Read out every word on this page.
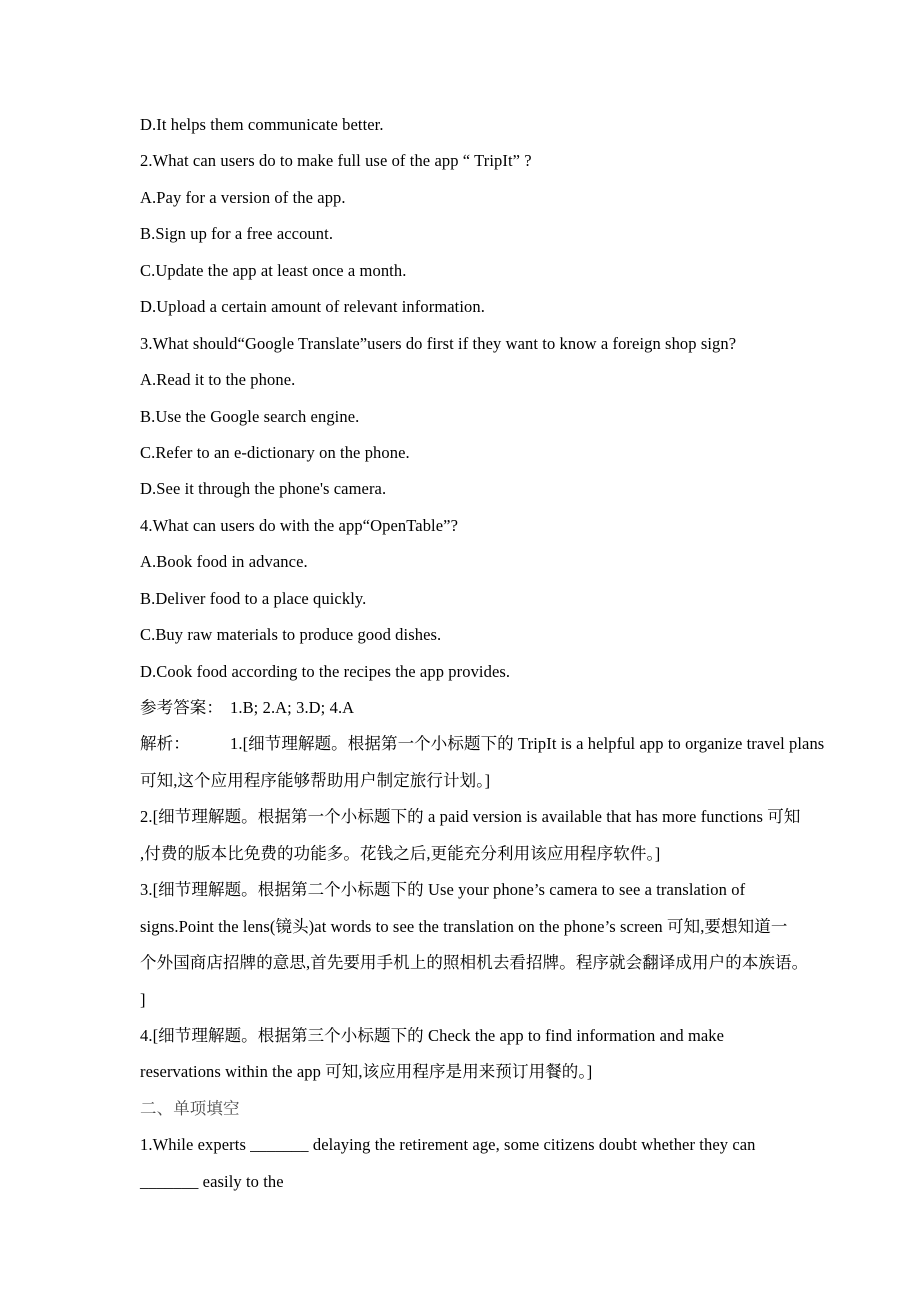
D.It helps them communicate better.

2.What can users do to make full use of the app “ TripIt” ?

A.Pay for a version of the app.

B.Sign up for a free account.

C.Update the app at least once a month.

D.Upload a certain amount of relevant information.

3.What should“Google Translate”users do first if they want to know a foreign shop sign?

A.Read it to the phone.

B.Use the Google search engine.

C.Refer to an e-dictionary on the phone.

D.See it through the phone's camera.

4.What can users do with the app“OpenTable”?

A.Book food in advance.

B.Deliver food to a place quickly.

C.Buy raw materials to produce good dishes.

D.Cook food according to the recipes the app provides.

参考答案： 1.B; 2.A; 3.D; 4.A

解析： 1.[细节理解题。根据第一个小标题下的 TripIt is a helpful app to organize travel plans

可知,这个应用程序能够帮助用户制定旅行计划。]

2.[细节理解题。根据第一个小标题下的 a paid version is available that has more functions 可知

,付费的版本比免费的功能多。花钱之后,更能充分利用该应用程序软件。]

3.[细节理解题。根据第二个小标题下的 Use your phone’s camera to see a translation of

signs.Point the lens(镜头)at words to see the translation on the phone’s screen 可知,要想知道一

个外国商店招牌的意思,首先要用手机上的照相机去看招牌。程序就会翻译成用户的本族语。

]

4.[细节理解题。根据第三个小标题下的 Check the app to find information and make

reservations within the app 可知,该应用程序是用来预订用餐的。]

二、单项填空

1.While experts _______ delaying the retirement age, some citizens doubt whether they can

_______ easily to the
